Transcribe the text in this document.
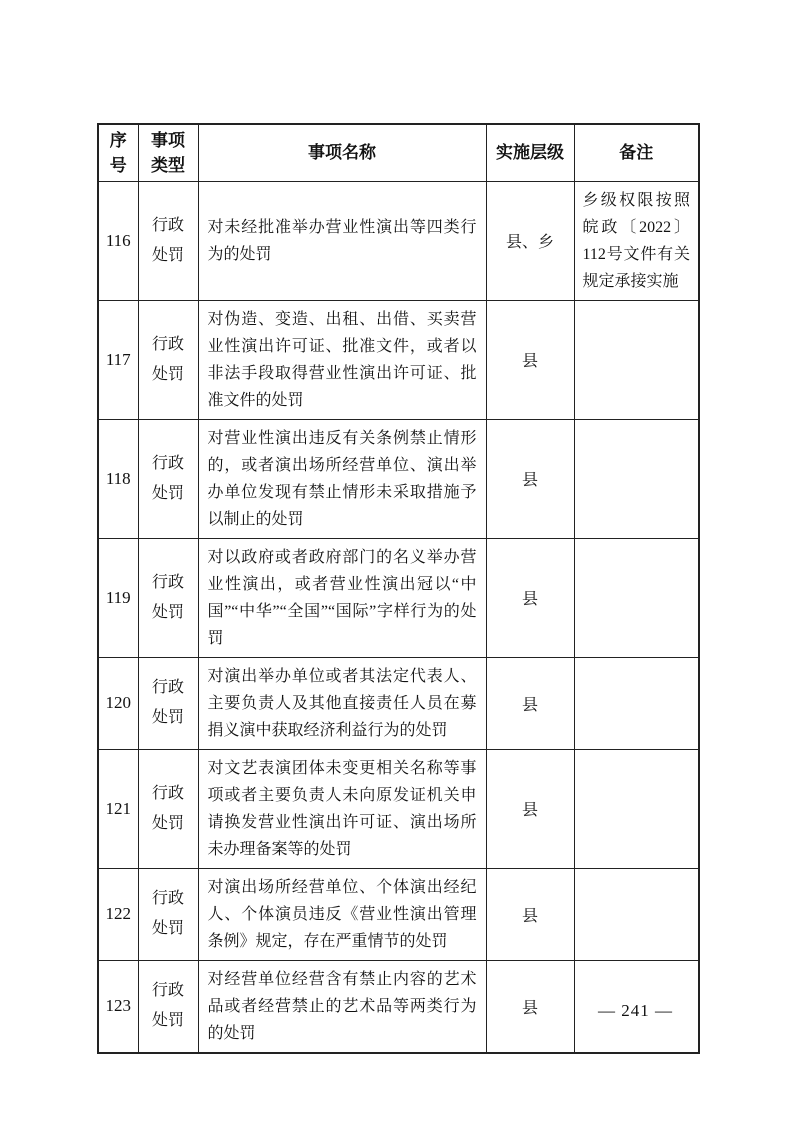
序号	事项类型	事项名称	实施层级	备注
116	行政处罚	对未经批准举办营业性演出等四类行为的处罚	县、乡	乡级权限按照皖政〔2022〕112号文件有关规定承接实施
117	行政处罚	对伪造、变造、出租、出借、买卖营业性演出许可证、批准文件，或者以非法手段取得营业性演出许可证、批准文件的处罚	县	
118	行政处罚	对营业性演出违反有关条例禁止情形的，或者演出场所经营单位、演出举办单位发现有禁止情形未采取措施予以制止的处罚	县	
119	行政处罚	对以政府或者政府部门的名义举办营业性演出，或者营业性演出冠以“中国”“中华”“全国”“国际”字样行为的处罚	县	
120	行政处罚	对演出举办单位或者其法定代表人、主要负责人及其他直接责任人员在募捐义演中获取经济利益行为的处罚	县	
121	行政处罚	对文艺表演团体未变更相关名称等事项或者主要负责人未向原发证机关申请换发营业性演出许可证、演出场所未办理备案等的处罚	县	
122	行政处罚	对演出场所经营单位、个体演出经纪人、个体演员违反《营业性演出管理条例》规定，存在严重情节的处罚	县	
123	行政处罚	对经营单位经营含有禁止内容的艺术品或者经营禁止的艺术品等两类行为的处罚	县		— 241 —
